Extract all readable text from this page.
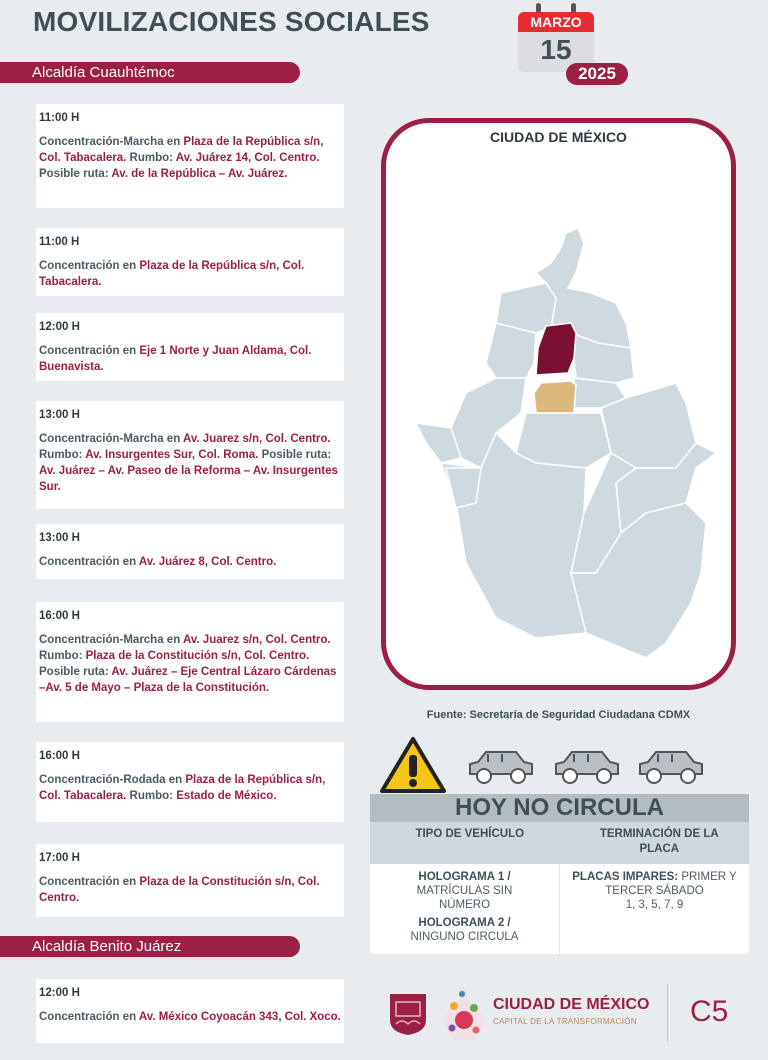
MOVILIZACIONES SOCIALES	MARZO
15
2025
Alcaldía Cuauhtémoc
11:00 H
Concentración-Marcha en Plaza de la República s/n, Col. Tabacalera. Rumbo: Av. Juárez 14, Col. Centro. Posible ruta: Av. de la República – Av. Juárez.
11:00 H
Concentración en Plaza de la República s/n, Col. Tabacalera.
12:00 H
Concentración en Eje 1 Norte y Juan Aldama, Col. Buenavista.
13:00 H
Concentración-Marcha en Av. Juarez s/n, Col. Centro. Rumbo: Av. Insurgentes Sur, Col. Roma. Posible ruta: Av. Juárez – Av. Paseo de la Reforma – Av. Insurgentes Sur.
13:00 H
Concentración en Av. Juárez 8, Col. Centro.
16:00 H
Concentración-Marcha en Av. Juarez s/n, Col. Centro. Rumbo: Plaza de la Constitución s/n, Col. Centro. Posible ruta: Av. Juárez – Eje Central Lázaro Cárdenas –Av. 5 de Mayo – Plaza de la Constitución.
16:00 H
Concentración-Rodada en Plaza de la República s/n, Col. Tabacalera. Rumbo: Estado de México.
17:00 H
Concentración en Plaza de la Constitución s/n, Col. Centro.
Alcaldía Benito Juárez
12:00 H
Concentración en Av. México Coyoacán 343, Col. Xoco.
CIUDAD DE MÉXICO
Fuente: Secretaría de Seguridad Ciudadana CDMX
HOY NO CIRCULA
TIPO DE VEHÍCULO	TERMINACIÓN DE LA PLACA
HOLOGRAMA 1 /
MATRÍCULAS SIN NÚMERO
HOLOGRAMA 2 /
NINGUNO CIRCULA
PLACAS IMPARES: PRIMER Y TERCER SÁBADO
1, 3, 5, 7, 9
CIUDAD DE MÉXICO
CAPITAL DE LA TRANSFORMACIÓN C5
